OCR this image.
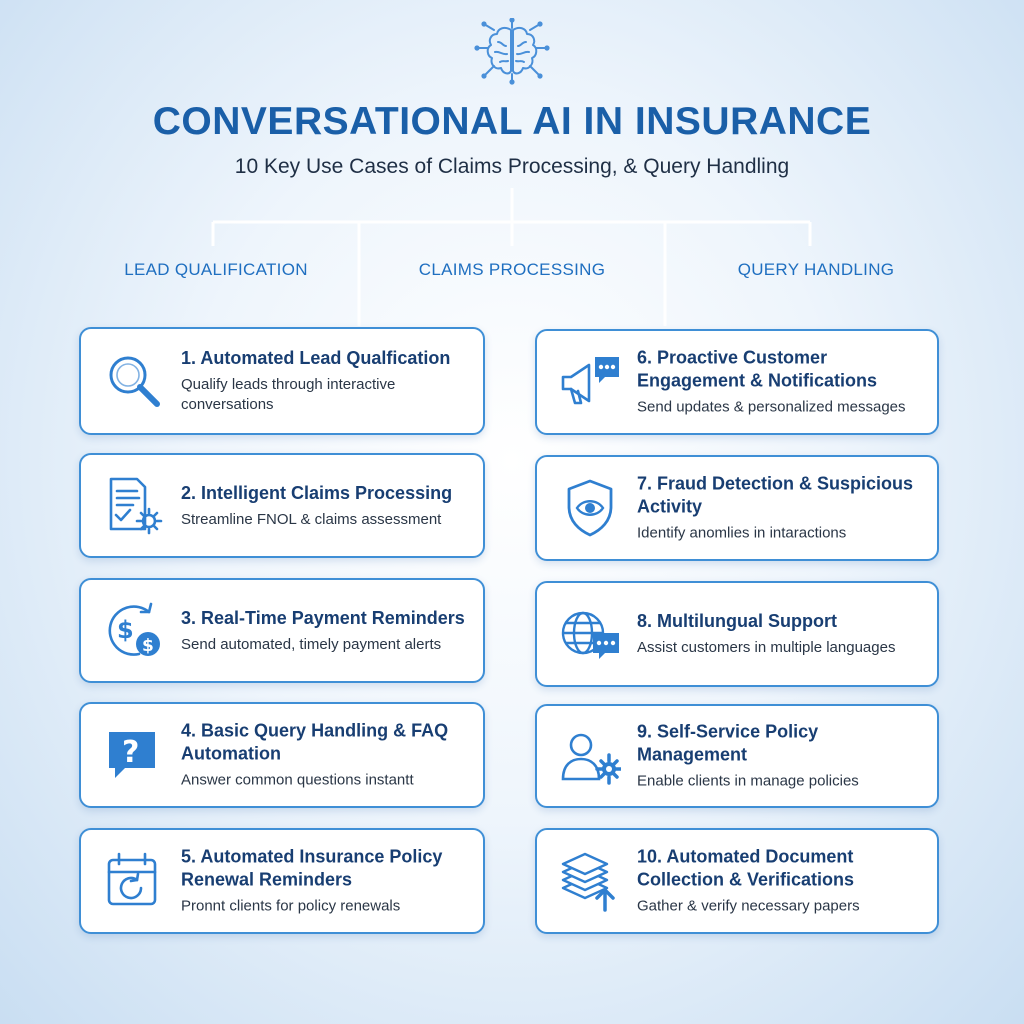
CONVERSATIONAL AI IN INSURANCE
10 Key Use Cases of Claims Processing, & Query Handling
LEAD QUALIFICATION	CLAIMS PROCESSING	QUERY HANDLING
1. Automated Lead Qualfication
Qualify leads through interactive conversations
2. Intelligent Claims Processing
Streamline FNOL & claims assessment
$
$
3. Real-Time Payment Reminders
Send automated, timely payment alerts
?
4. Basic Query Handling & FAQ Automation
Answer common questions instantt
5. Automated Insurance Policy Renewal Reminders
Pronnt clients for policy renewals
6. Proactive Customer Engagement & Notifications
Send updates & personalized messages
7. Fraud Detection & Suspicious Activity
Identify anomlies in intaractions
8. Multilungual Support
Assist customers in multiple languages
9. Self-Service Policy Management
Enable clients in manage policies
10. Automated Document Collection & Verifications
Gather & verify necessary papers
